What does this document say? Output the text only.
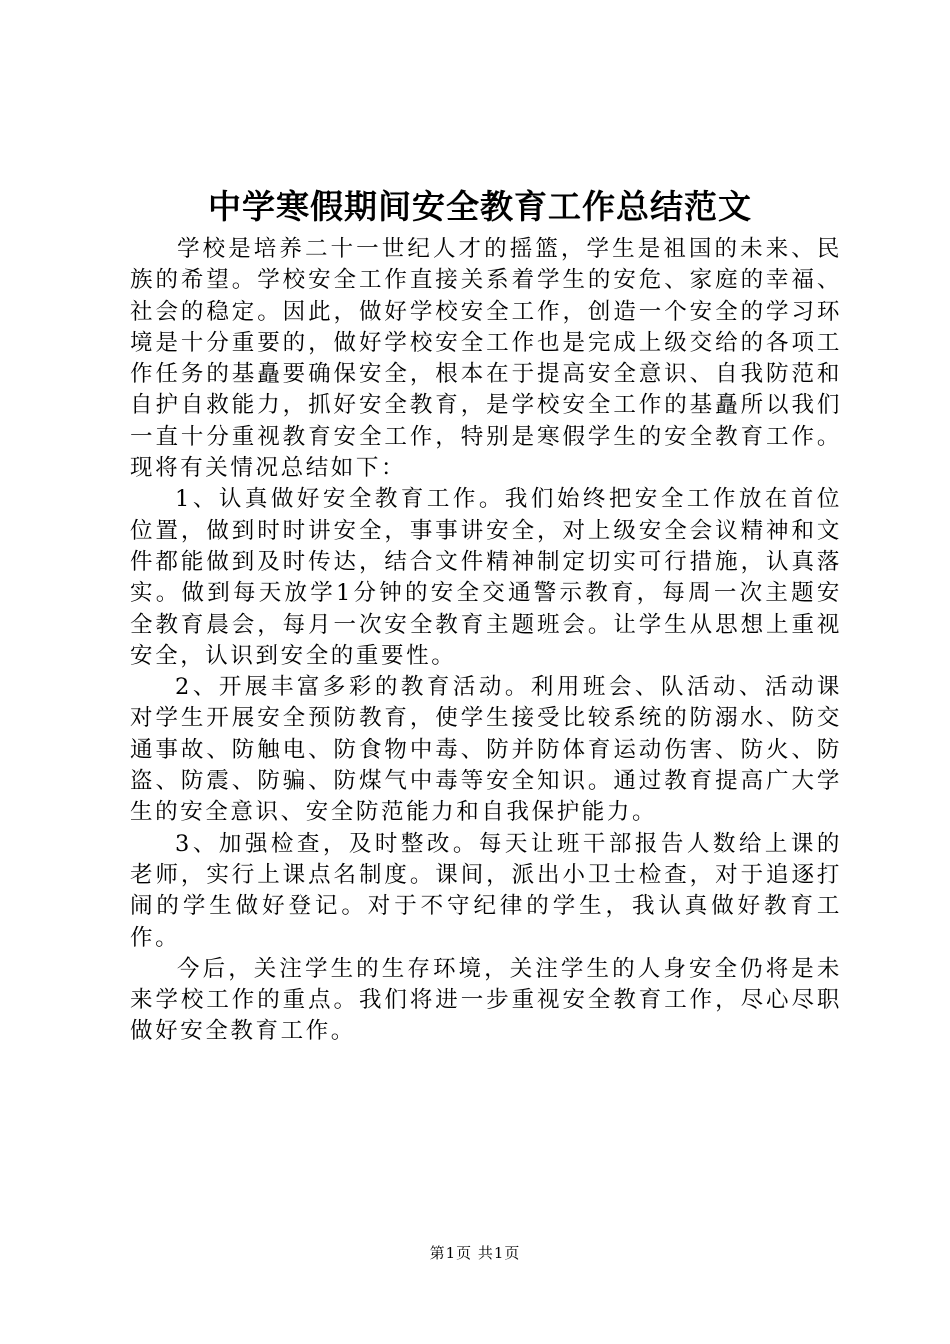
中学寒假期间安全教育工作总结范文

学校是培养二十一世纪人才的摇篮，学生是祖国的未来、民族的希望。学校安全工作直接关系着学生的安危、家庭的幸福、社会的稳定。因此，做好学校安全工作，创造一个安全的学习环境是十分重要的，做好学校安全工作也是完成上级交给的各项工作任务的基矗要确保安全，根本在于提高安全意识、自我防范和自护自救能力，抓好安全教育，是学校安全工作的基矗所以我们一直十分重视教育安全工作，特别是寒假学生的安全教育工作。现将有关情况总结如下：

1、认真做好安全教育工作。我们始终把安全工作放在首位位置，做到时时讲安全，事事讲安全，对上级安全会议精神和文件都能做到及时传达，结合文件精神制定切实可行措施，认真落实。做到每天放学1分钟的安全交通警示教育，每周一次主题安全教育晨会，每月一次安全教育主题班会。让学生从思想上重视安全，认识到安全的重要性。

2、开展丰富多彩的教育活动。利用班会、队活动、活动课对学生开展安全预防教育，使学生接受比较系统的防溺水、防交通事故、防触电、防食物中毒、防并防体育运动伤害、防火、防盗、防震、防骗、防煤气中毒等安全知识。通过教育提高广大学生的安全意识、安全防范能力和自我保护能力。

3、加强检查，及时整改。每天让班干部报告人数给上课的老师，实行上课点名制度。课间，派出小卫士检查，对于追逐打闹的学生做好登记。对于不守纪律的学生，我认真做好教育工作。

今后，关注学生的生存环境，关注学生的人身安全仍将是未来学校工作的重点。我们将进一步重视安全教育工作，尽心尽职做好安全教育工作。

第1页 共1页
